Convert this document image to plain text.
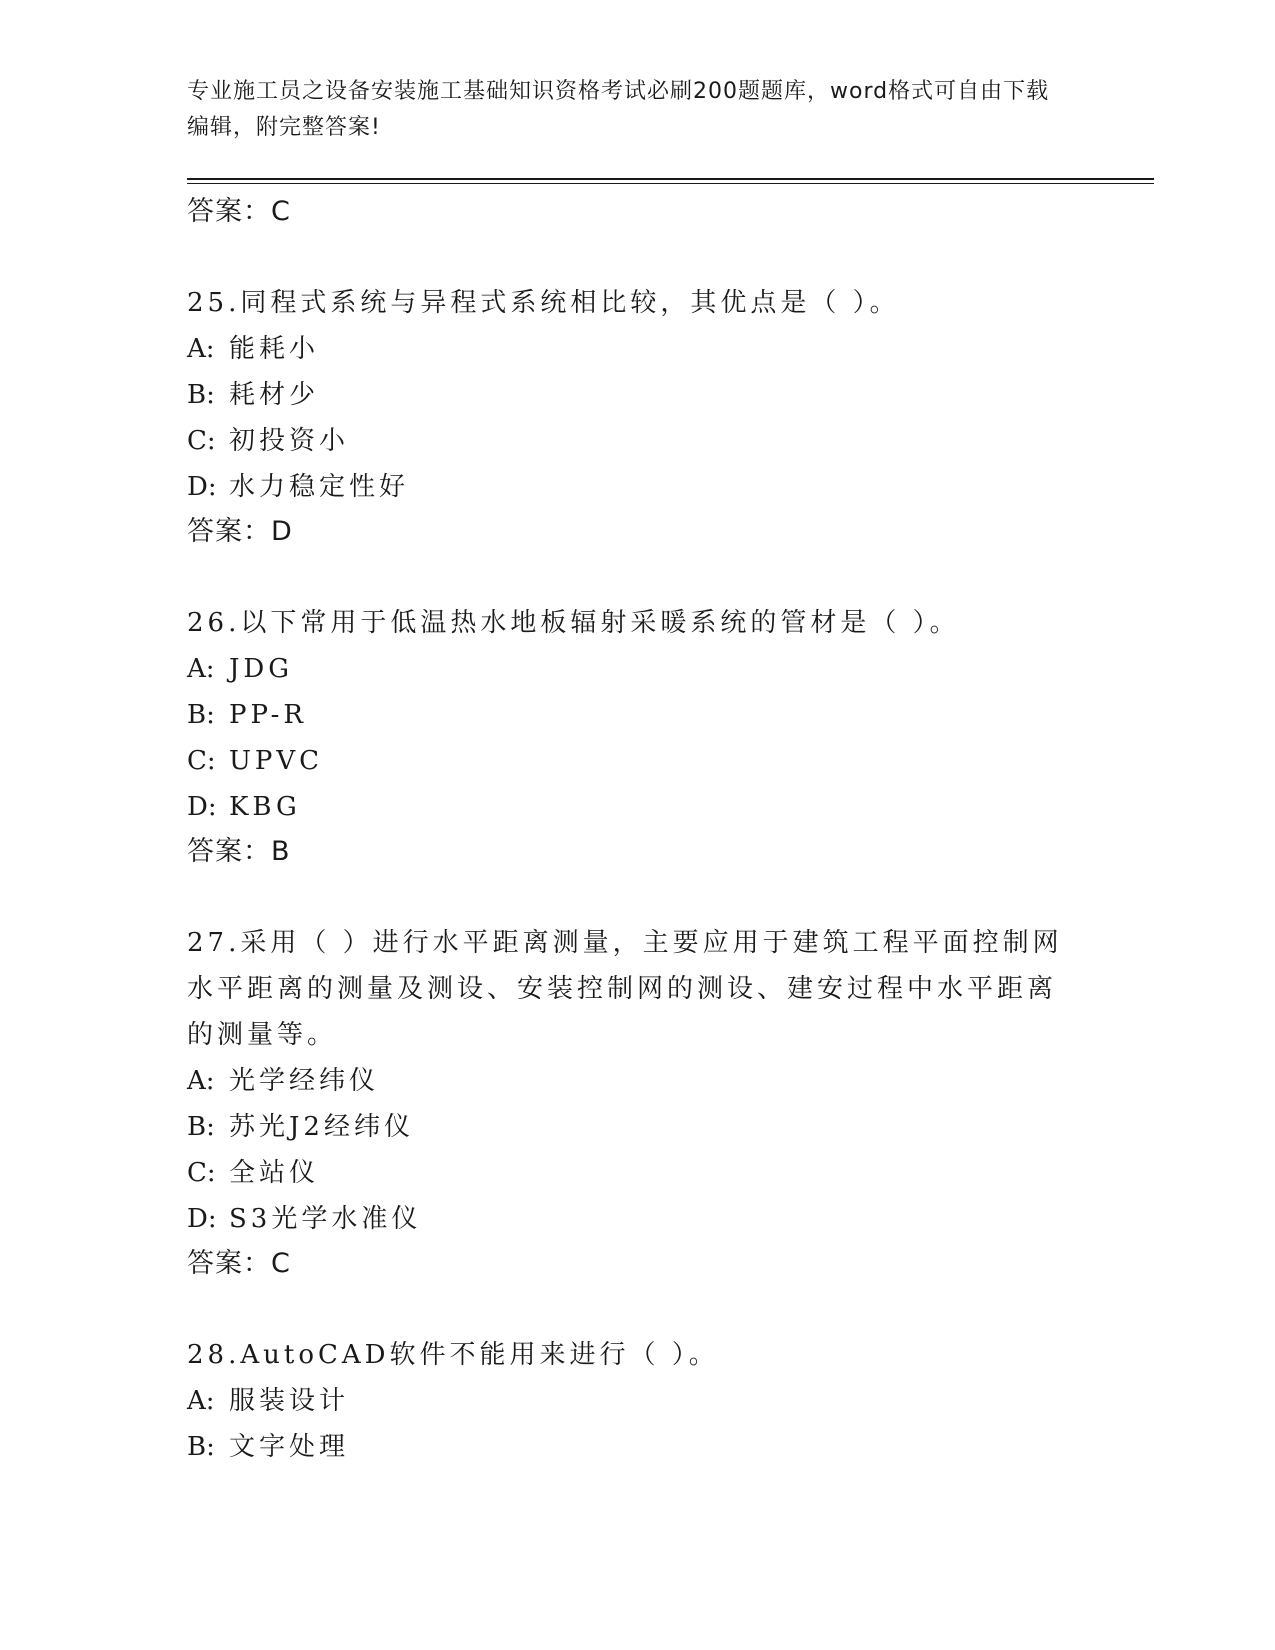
专业施工员之设备安装施工基础知识资格考试必刷200题题库，word格式可自由下载编辑，附完整答案!
答案：C
25.同程式系统与异程式系统相比较，其优点是（ ）。
A: 能耗小
B: 耗材少
C: 初投资小
D: 水力稳定性好
答案：D
26.以下常用于低温热水地板辐射采暖系统的管材是（ ）。
A: JDG
B: PP-R
C: UPVC
D: KBG
答案：B
27.采用（ ）进行水平距离测量，主要应用于建筑工程平面控制网水平距离的测量及测设、安装控制网的测设、建安过程中水平距离的测量等。
A: 光学经纬仪
B: 苏光J2经纬仪
C: 全站仪
D: S3光学水准仪
答案：C
28.AutoCAD软件不能用来进行（ ）。
A: 服装设计
B: 文字处理
